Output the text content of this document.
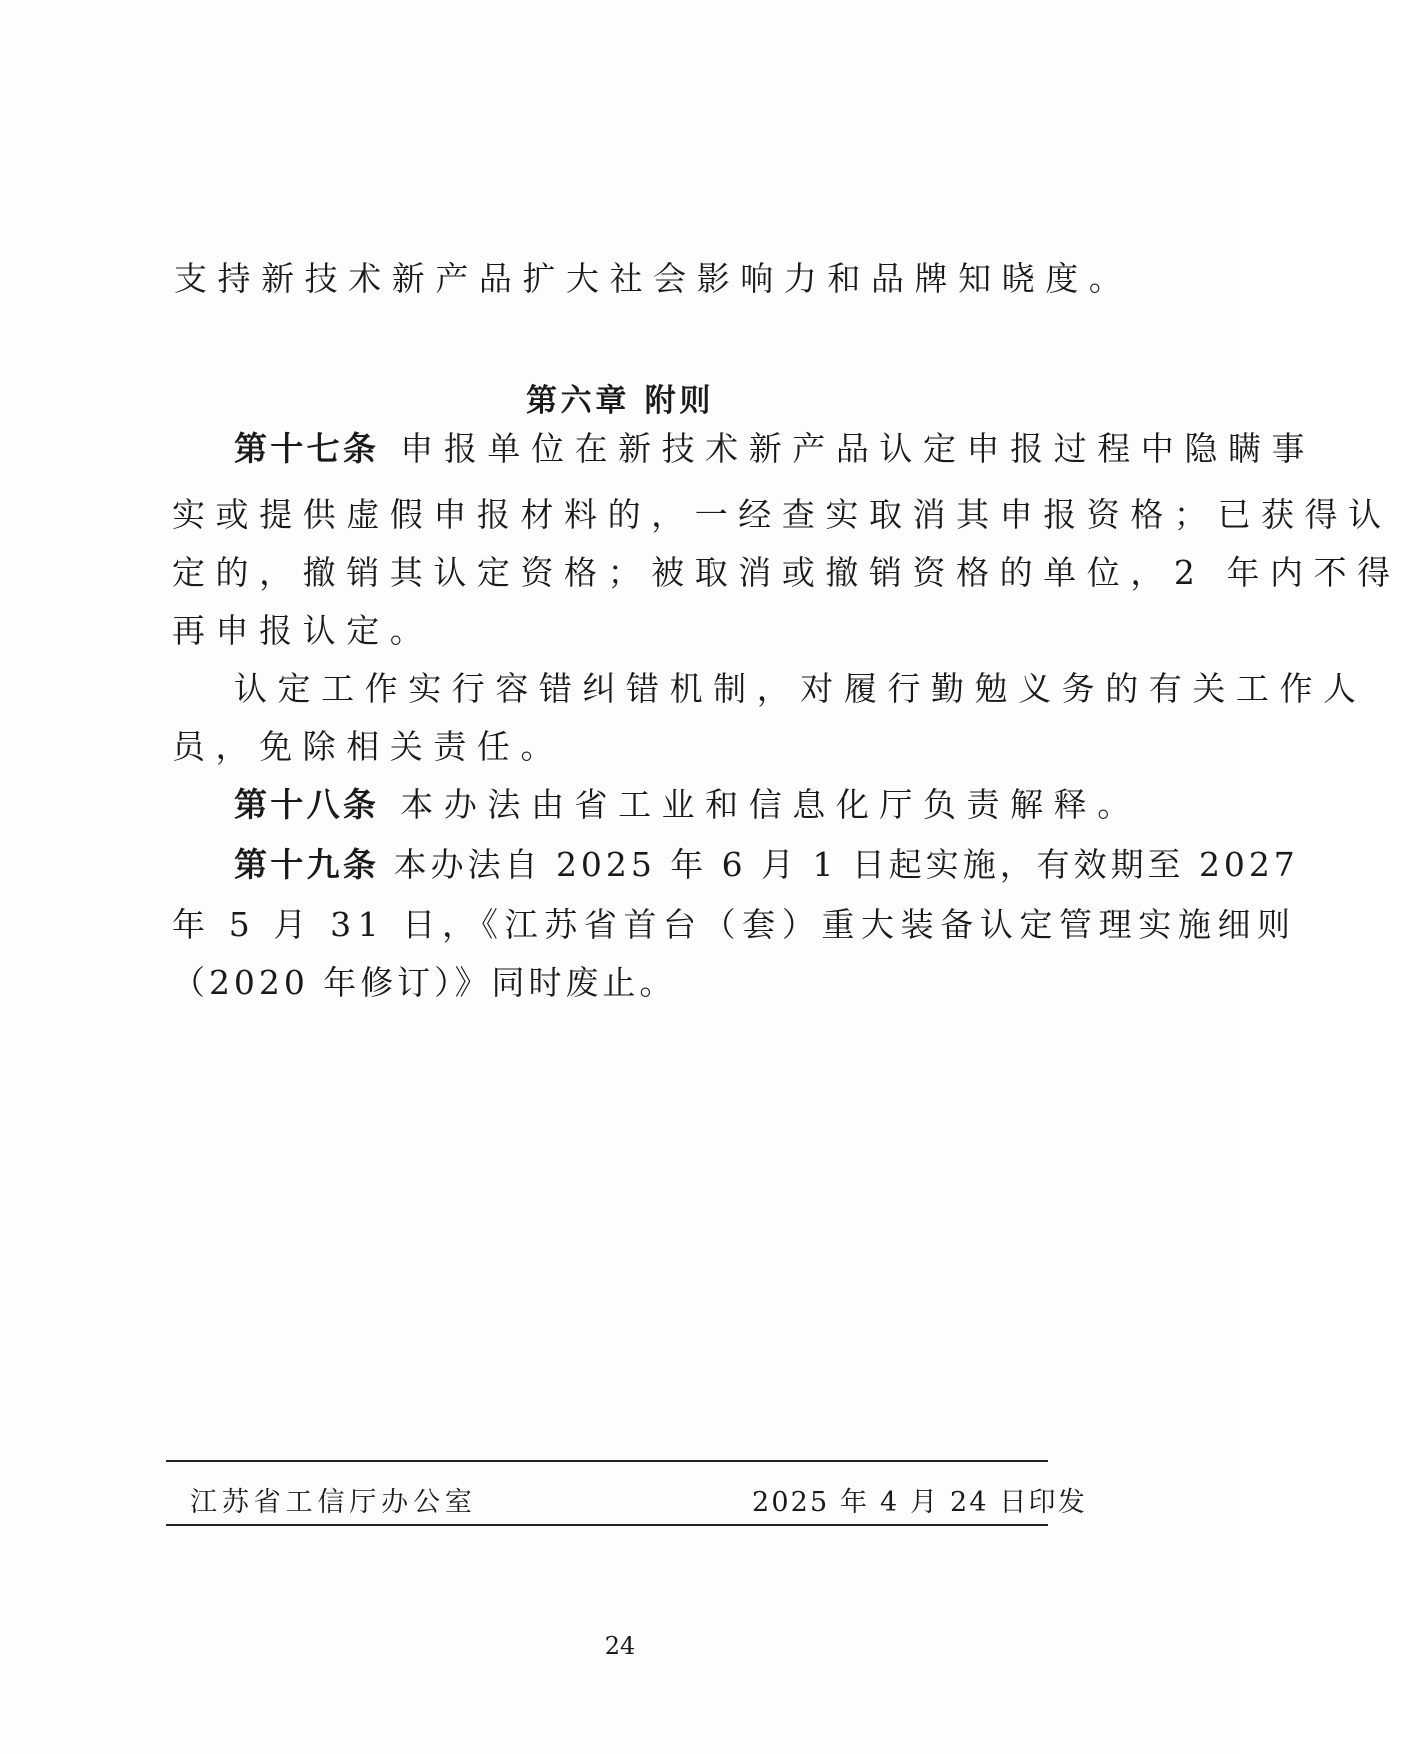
支持新技术新产品扩大社会影响力和品牌知晓度。
第六章 附则
第十七条 申报单位在新技术新产品认定申报过程中隐瞒事
实或提供虚假申报材料的，一经查实取消其申报资格；已获得认
定的，撤销其认定资格；被取消或撤销资格的单位，2 年内不得
再申报认定。
认定工作实行容错纠错机制，对履行勤勉义务的有关工作人
员，免除相关责任。
第十八条 本办法由省工业和信息化厅负责解释。
第十九条 本办法自 2025 年 6 月 1 日起实施，有效期至 2027
年 5 月 31 日，《江苏省首台（套）重大装备认定管理实施细则
（2020 年修订）》同时废止。
江苏省工信厅办公室	2025 年 4 月 24 日印发
24
